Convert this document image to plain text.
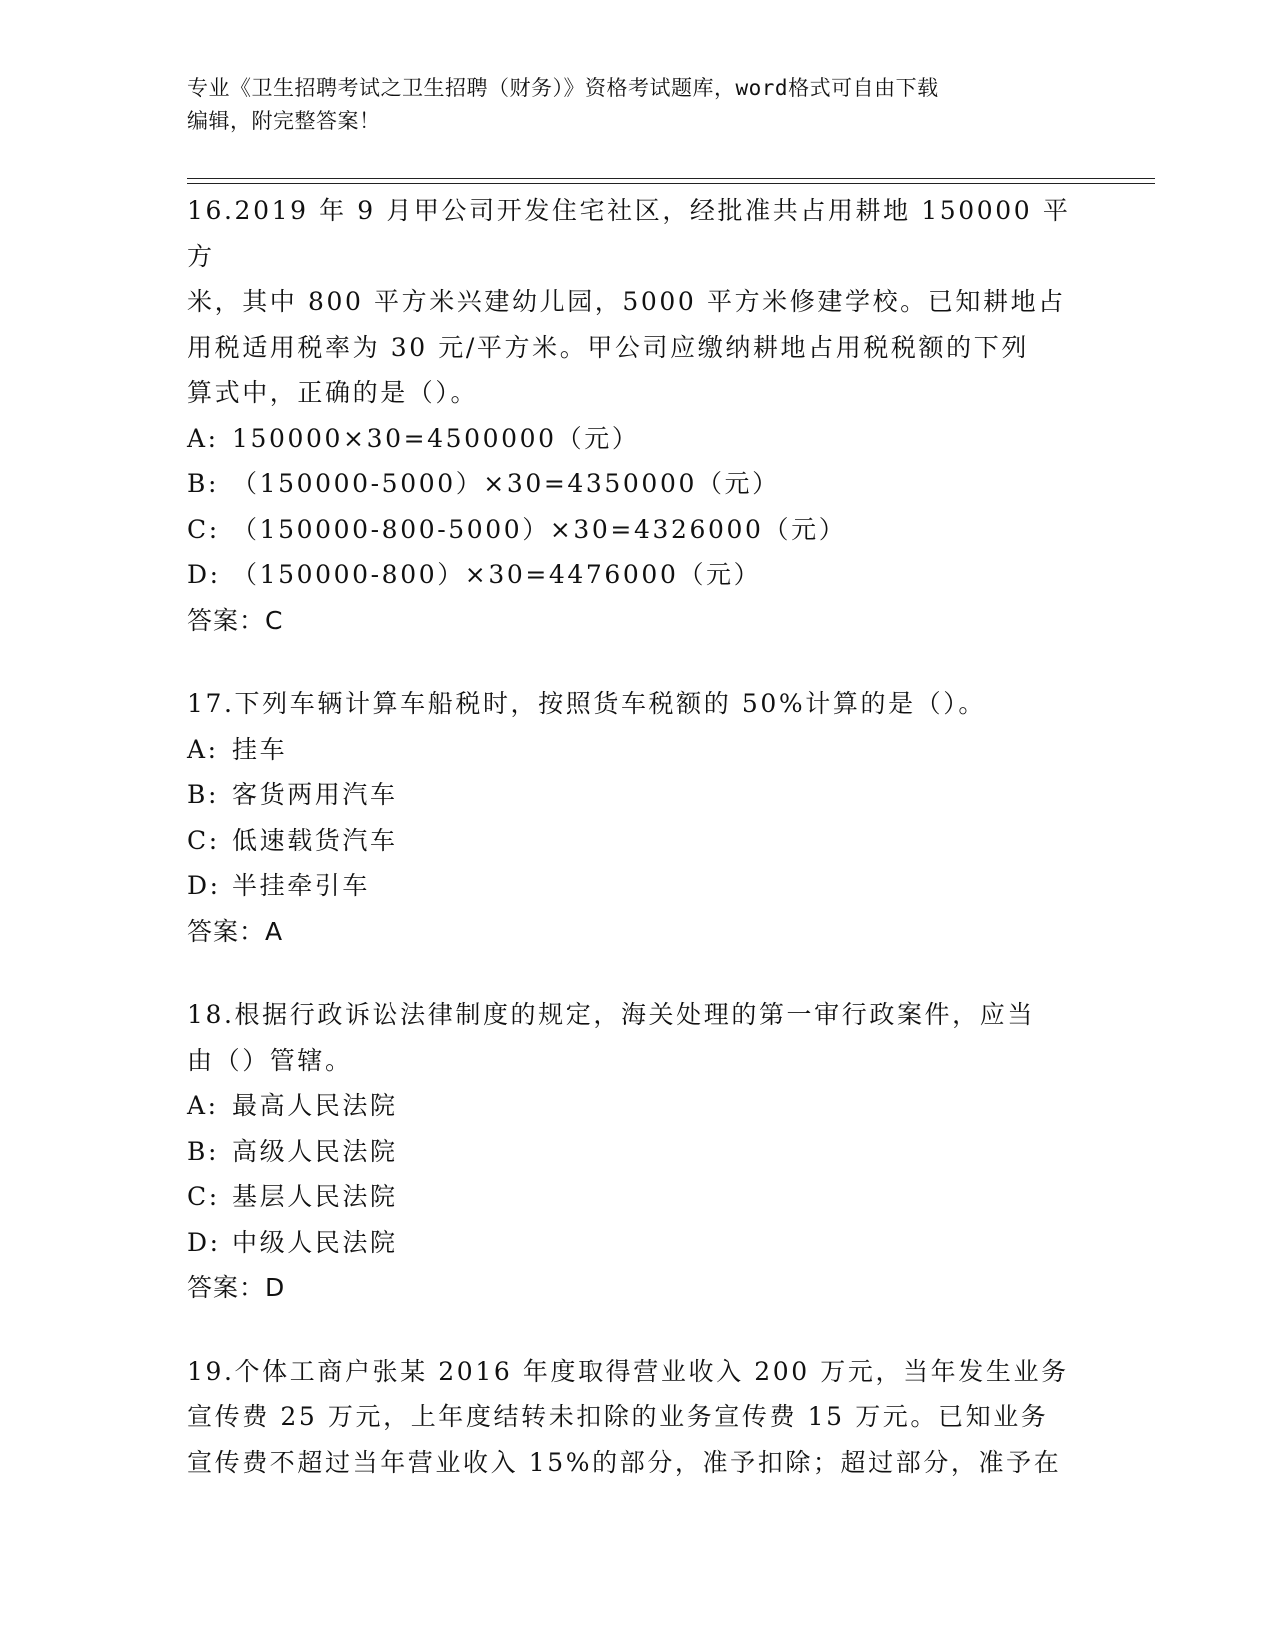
专业《卫生招聘考试之卫生招聘（财务）》资格考试题库，word格式可自由下载
编辑，附完整答案！

16.2019 年 9 月甲公司开发住宅社区，经批准共占用耕地 150000 平方

米，其中 800 平方米兴建幼儿园，5000 平方米修建学校。已知耕地占

用税适用税率为 30 元/平方米。甲公司应缴纳耕地占用税税额的下列

算式中，正确的是（）。

A: 150000×30=4500000（元）

B: （150000-5000）×30=4350000（元）

C: （150000-800-5000）×30=4326000（元）

D: （150000-800）×30=4476000（元）

答案：C

17.下列车辆计算车船税时，按照货车税额的 50%计算的是（）。

A: 挂车

B: 客货两用汽车

C: 低速载货汽车

D: 半挂牵引车

答案：A

18.根据行政诉讼法律制度的规定，海关处理的第一审行政案件，应当

由（）管辖。

A: 最高人民法院

B: 高级人民法院

C: 基层人民法院

D: 中级人民法院

答案：D

19.个体工商户张某 2016 年度取得营业收入 200 万元，当年发生业务

宣传费 25 万元，上年度结转未扣除的业务宣传费 15 万元。已知业务

宣传费不超过当年营业收入 15%的部分，准予扣除；超过部分，准予在
